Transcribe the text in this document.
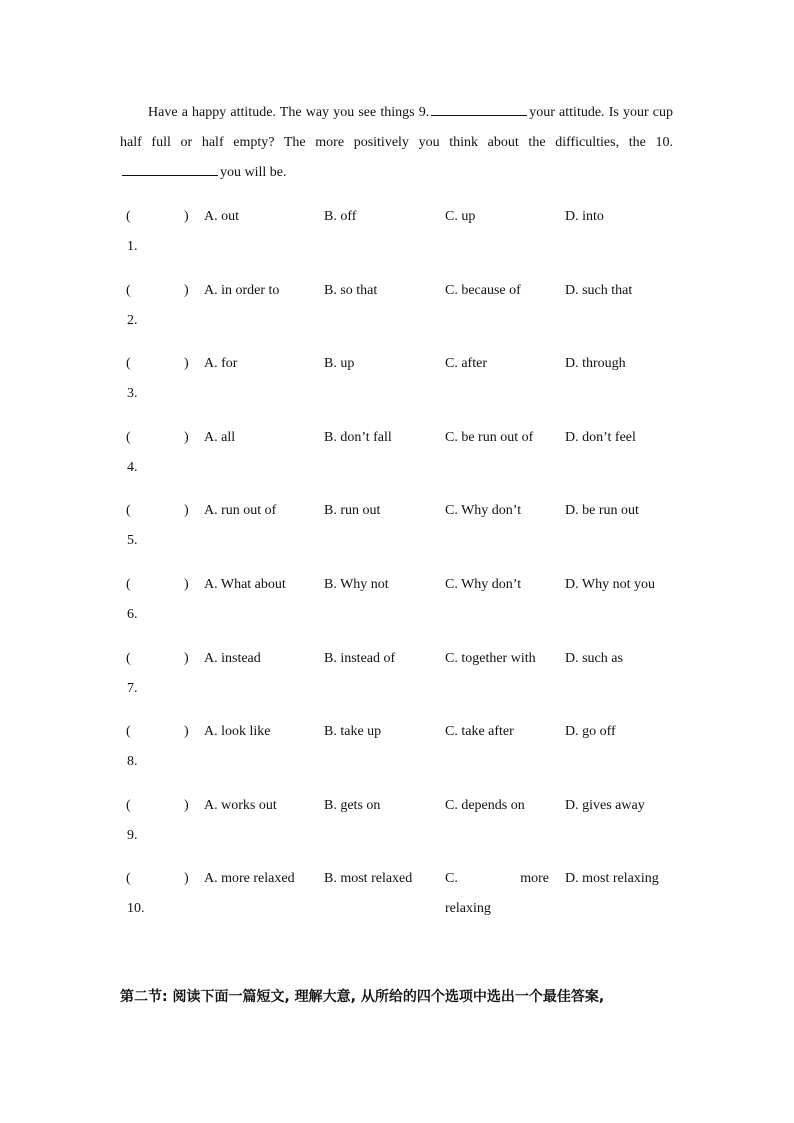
Have a happy attitude. The way you see things 9.	your attitude. Is your cup half full or half empty? The more positively you think about the difficulties, the 10.you will be.

(	)
1.
A. out	B. off	C. up	D. into
(	)
2.
A. in order to	B. so that	C. because of	D. such that
(	)
3.
A. for	B. up	C. after	D. through
(	)
4.
A. all	B. don’t fall	C. be run out of D. don’t feel
(	)
5.
A. run out of	B. run out	C. Why don’t	D. be run out
(	)
6.
A. What about	B. Why not	C. Why don’t	D. Why not you
(	)
7.
A. instead	B. instead of	C. together with D. such as
(	)
8.
A. look like	B. take up	C. take after	D. go off
(	)
9.
A. works out	B. gets on	C. depends on	D. gives away
(	)
10.
A. more relaxed B. most relaxed C.	more
relaxing
D. most relaxing
第二节: 阅读下面一篇短文, 理解大意, 从所给的四个选项中选出一个最佳答案,
